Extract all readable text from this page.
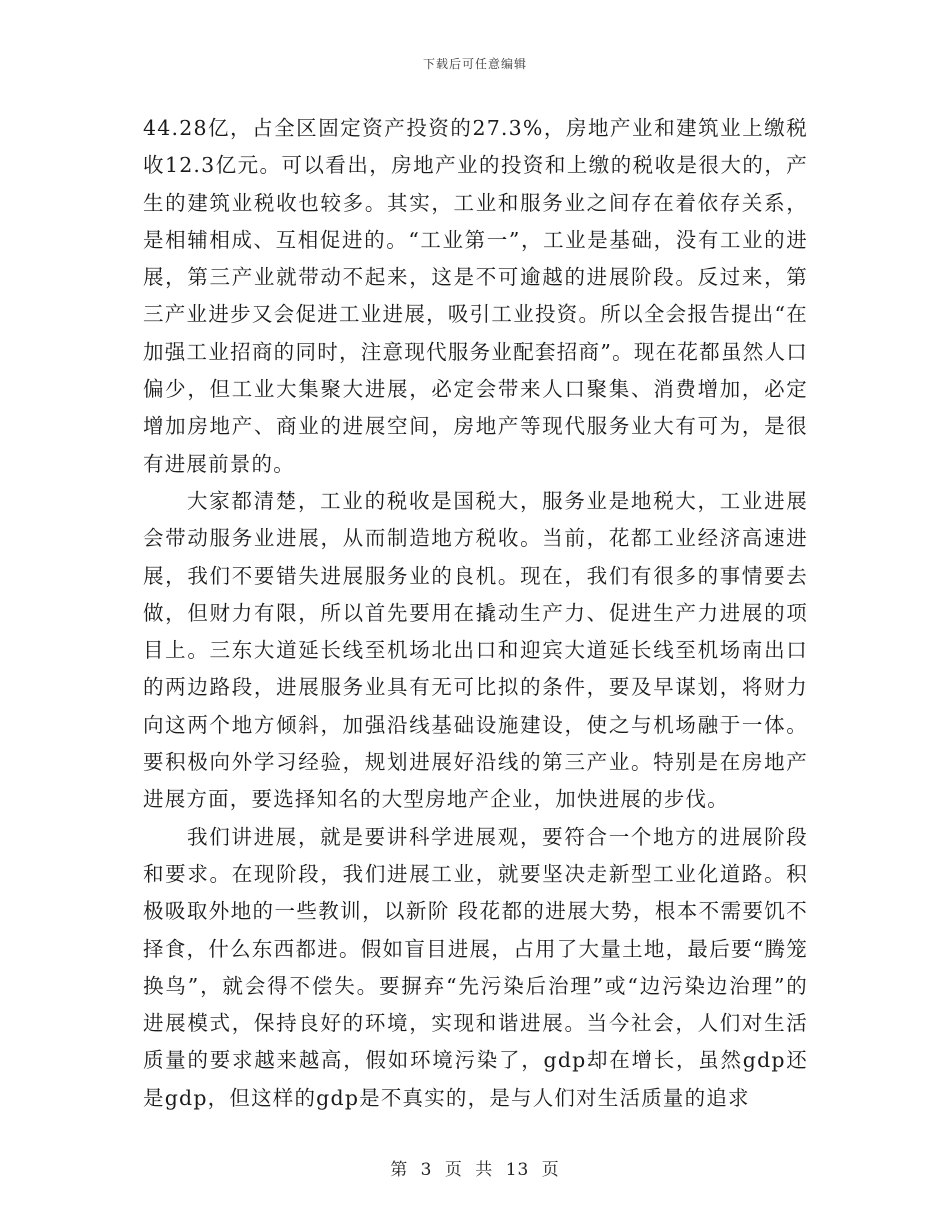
下载后可任意编辑

44.28亿，占全区固定资产投资的27.3%，房地产业和建筑业上缴税收12.3亿元。可以看出，房地产业的投资和上缴的税收是很大的，产生的建筑业税收也较多。其实，工业和服务业之间存在着依存关系，是相辅相成、互相促进的。“工业第一”，工业是基础，没有工业的进展，第三产业就带动不起来，这是不可逾越的进展阶段。反过来，第三产业进步又会促进工业进展，吸引工业投资。所以全会报告提出“在加强工业招商的同时，注意现代服务业配套招商”。现在花都虽然人口偏少，但工业大集聚大进展，必定会带来人口聚集、消费增加，必定增加房地产、商业的进展空间，房地产等现代服务业大有可为，是很有进展前景的。

大家都清楚，工业的税收是国税大，服务业是地税大，工业进展会带动服务业进展，从而制造地方税收。当前，花都工业经济高速进展，我们不要错失进展服务业的良机。现在，我们有很多的事情要去做，但财力有限，所以首先要用在撬动生产力、促进生产力进展的项目上。三东大道延长线至机场北出口和迎宾大道延长线至机场南出口的两边路段，进展服务业具有无可比拟的条件，要及早谋划，将财力向这两个地方倾斜，加强沿线基础设施建设，使之与机场融于一体。要积极向外学习经验，规划进展好沿线的第三产业。特别是在房地产进展方面，要选择知名的大型房地产企业，加快进展的步伐。

我们讲进展，就是要讲科学进展观，要符合一个地方的进展阶段和要求。在现阶段，我们进展工业，就要坚决走新型工业化道路。积极吸取外地的一些教训，以新阶 段花都的进展大势，根本不需要饥不择食，什么东西都进。假如盲目进展，占用了大量土地，最后要“腾笼换鸟”，就会得不偿失。要摒弃“先污染后治理”或“边污染边治理”的进展模式，保持良好的环境，实现和谐进展。当今社会，人们对生活质量的要求越来越高，假如环境污染了，gdp却在增长，虽然gdp还是gdp，但这样的gdp是不真实的，是与人们对生活质量的追求

第 3 页 共 13 页
